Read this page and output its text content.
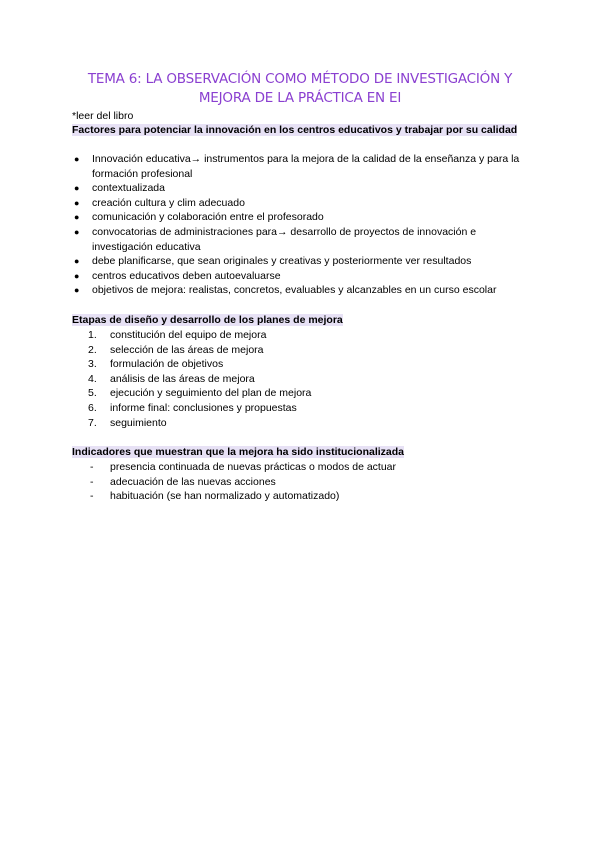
TEMA 6: LA OBSERVACIÓN COMO MÉTODO DE INVESTIGACIÓN Y MEJORA DE LA PRÁCTICA EN EI
*leer del libro
Factores para potenciar la innovación en los centros educativos y trabajar por su calidad
● Innovación educativa→ instrumentos para la mejora de la calidad de la enseñanza y para la formación profesional
● contextualizada
● creación cultura y clim adecuado
● comunicación y colaboración entre el profesorado
● convocatorias de administraciones para→ desarrollo de proyectos de innovación e investigación educativa
● debe planificarse, que sean originales y creativas y posteriormente ver resultados
● centros educativos deben autoevaluarse
● objetivos de mejora: realistas, concretos, evaluables y alcanzables en un curso escolar
Etapas de diseño y desarrollo de los planes de mejora
1. constitución del equipo de mejora
2. selección de las áreas de mejora
3. formulación de objetivos
4. análisis de las áreas de mejora
5. ejecución y seguimiento del plan de mejora
6. informe final: conclusiones y propuestas
7. seguimiento
Indicadores que muestran que la mejora ha sido institucionalizada
- presencia continuada de nuevas prácticas o modos de actuar
- adecuación de las nuevas acciones
- habituación (se han normalizado y automatizado)
